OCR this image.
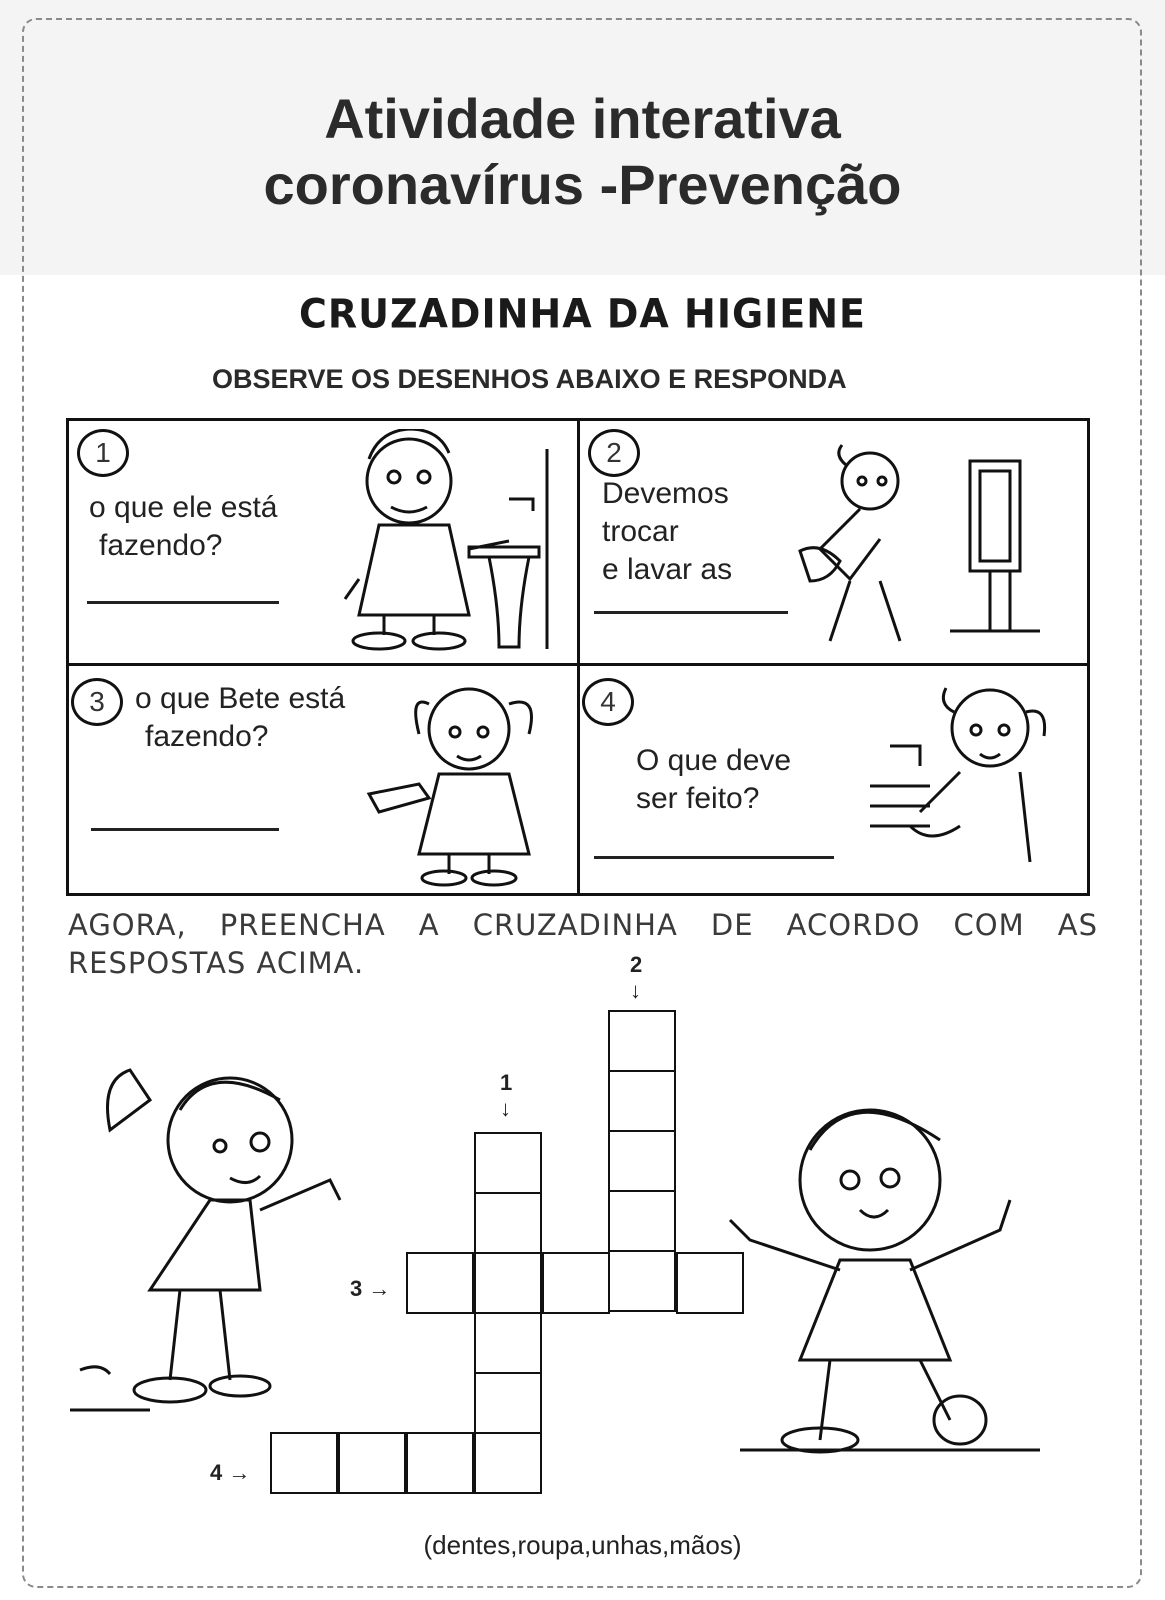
Atividade interativa
coronavírus -Prevenção
CRUZADINHA DA HIGIENE
OBSERVE OS DESENHOS ABAIXO E RESPONDA
1
o que ele está
fazendo?
2
Devemos
trocar
e lavar as
3	o que Bete está
fazendo?
4
O que deve
ser feito?
AGORA, PREENCHA A CRUZADINHA DE ACORDO COM AS RESPOSTAS ACIMA.	2
↓
1
↓
3 →
4 →
(dentes,roupa,unhas,mãos)
